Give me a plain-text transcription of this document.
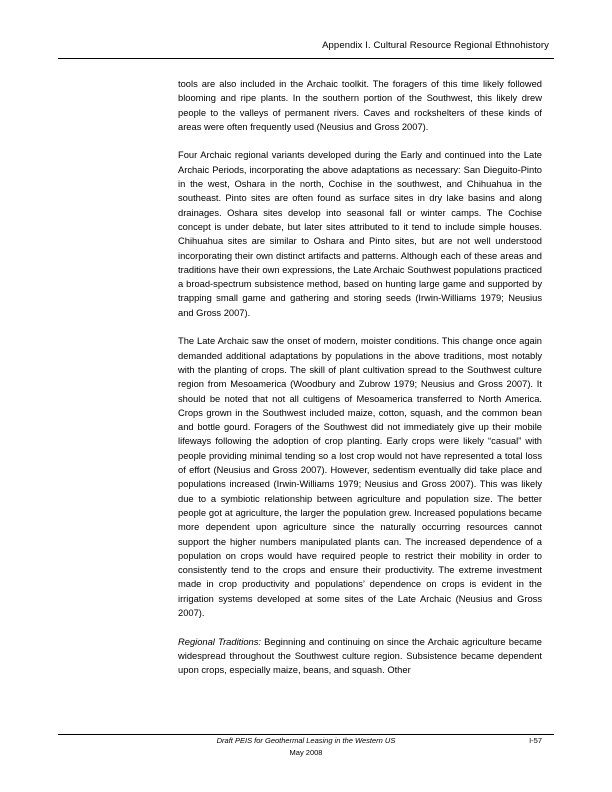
Appendix I. Cultural Resource Regional Ethnohistory

tools are also included in the Archaic toolkit. The foragers of this time likely followed blooming and ripe plants. In the southern portion of the Southwest, this likely drew people to the valleys of permanent rivers. Caves and rockshelters of these kinds of areas were often frequently used (Neusius and Gross 2007).

Four Archaic regional variants developed during the Early and continued into the Late Archaic Periods, incorporating the above adaptations as necessary: San Dieguito-Pinto in the west, Oshara in the north, Cochise in the southwest, and Chihuahua in the southeast. Pinto sites are often found as surface sites in dry lake basins and along drainages. Oshara sites develop into seasonal fall or winter camps. The Cochise concept is under debate, but later sites attributed to it tend to include simple houses. Chihuahua sites are similar to Oshara and Pinto sites, but are not well understood incorporating their own distinct artifacts and patterns. Although each of these areas and traditions have their own expressions, the Late Archaic Southwest populations practiced a broad-spectrum subsistence method, based on hunting large game and supported by trapping small game and gathering and storing seeds (Irwin-Williams 1979; Neusius and Gross 2007).

The Late Archaic saw the onset of modern, moister conditions. This change once again demanded additional adaptations by populations in the above traditions, most notably with the planting of crops. The skill of plant cultivation spread to the Southwest culture region from Mesoamerica (Woodbury and Zubrow 1979; Neusius and Gross 2007). It should be noted that not all cultigens of Mesoamerica transferred to North America. Crops grown in the Southwest included maize, cotton, squash, and the common bean and bottle gourd. Foragers of the Southwest did not immediately give up their mobile lifeways following the adoption of crop planting. Early crops were likely “casual” with people providing minimal tending so a lost crop would not have represented a total loss of effort (Neusius and Gross 2007). However, sedentism eventually did take place and populations increased (Irwin-Williams 1979; Neusius and Gross 2007). This was likely due to a symbiotic relationship between agriculture and population size. The better people got at agriculture, the larger the population grew. Increased populations became more dependent upon agriculture since the naturally occurring resources cannot support the higher numbers manipulated plants can. The increased dependence of a population on crops would have required people to restrict their mobility in order to consistently tend to the crops and ensure their productivity. The extreme investment made in crop productivity and populations’ dependence on crops is evident in the irrigation systems developed at some sites of the Late Archaic (Neusius and Gross 2007).

Regional Traditions: Beginning and continuing on since the Archaic agriculture became widespread throughout the Southwest culture region. Subsistence became dependent upon crops, especially maize, beans, and squash. Other

Draft PEIS for Geothermal Leasing in the Western US
May 2008
I-57
